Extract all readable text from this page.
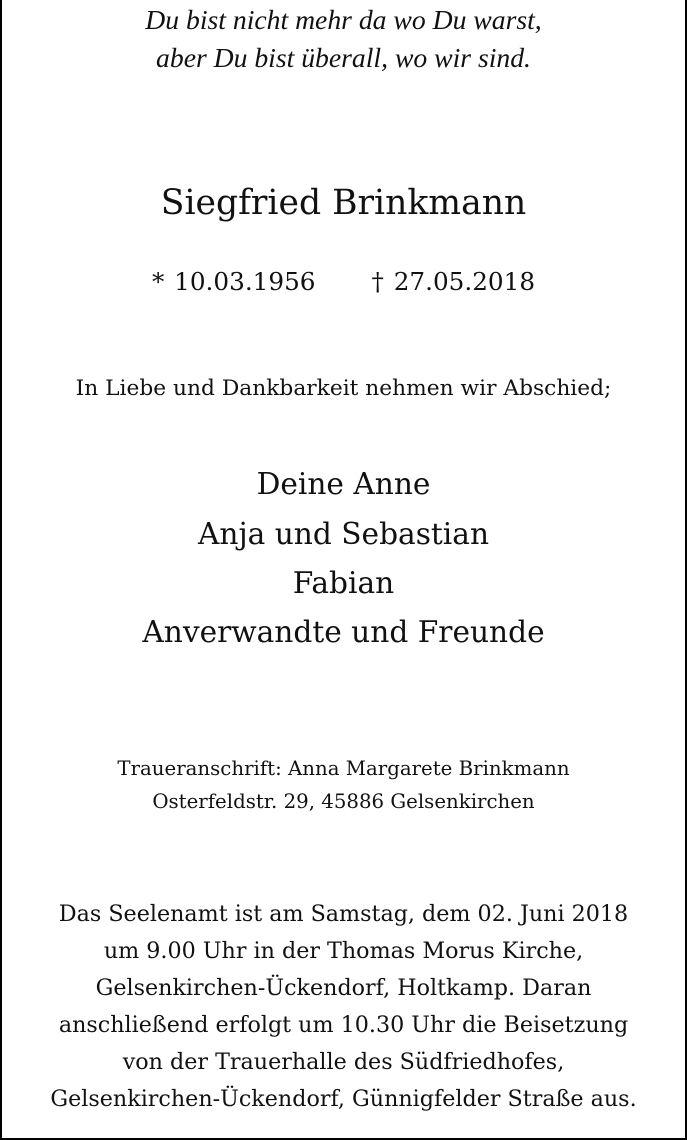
Du bist nicht mehr da wo Du warst,
aber Du bist überall, wo wir sind.
Siegfried Brinkmann
* 10.03.1956 † 27.05.2018
In Liebe und Dankbarkeit nehmen wir Abschied;
Deine Anne
Anja und Sebastian
Fabian
Anverwandte und Freunde
Traueranschrift: Anna Margarete Brinkmann
Osterfeldstr. 29, 45886 Gelsenkirchen
Das Seelenamt ist am Samstag, dem 02. Juni 2018
um 9.00 Uhr in der Thomas Morus Kirche,
Gelsenkirchen-Ückendorf, Holtkamp. Daran
anschließend erfolgt um 10.30 Uhr die Beisetzung
von der Trauerhalle des Südfriedhofes,
Gelsenkirchen-Ückendorf, Günnigfelder Straße aus.
